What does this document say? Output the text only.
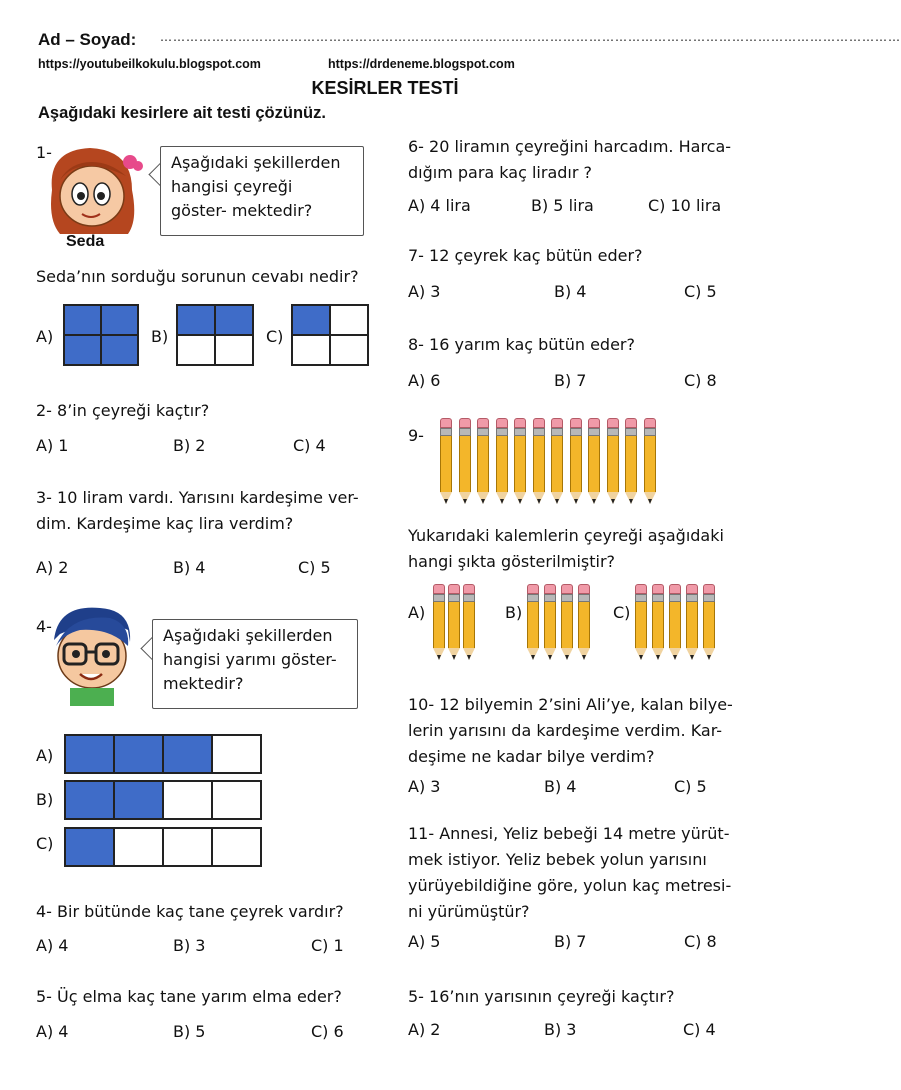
Ad – Soyad: ………………………………………………………………………………………………………………………………………………………
https://youtubeilkokulu.blogspot.com	https://drdeneme.blogspot.com
KESİRLER TESTİ
Aşağıdaki kesirlere ait testi çözünüz.
1-
Seda
Aşağıdaki şekillerden hangisi çeyreği göster- mektedir?
Seda’nın sorduğu sorunun cevabı nedir?
A)	B)	C)
2- 8’in çeyreği kaçtır?
A) 1	B) 2	C) 4
3- 10 liram vardı. Yarısını kardeşime ver- dim. Kardeşime kaç lira verdim?
A) 2	B) 4	C) 5
4-	Aşağıdaki şekillerden hangisi yarımı göster- mektedir?
A)
B)
C)
4- Bir bütünde kaç tane çeyrek vardır?
A) 4	B) 3	C) 1
5- Üç elma kaç tane yarım elma eder?
A) 4	B) 5	C) 6
6- 20 liramın çeyreğini harcadım. Harca- dığım para kaç liradır ?
A) 4 lira	B) 5 lira	C) 10 lira
7- 12 çeyrek kaç bütün eder?
A) 3	B) 4	C) 5
8- 16 yarım kaç bütün eder?
A) 6	B) 7	C) 8
9-
Yukarıdaki kalemlerin çeyreği aşağıdaki hangi şıkta gösterilmiştir?
A)	B)	C)
10- 12 bilyemin 2’sini Ali’ye, kalan bilye- lerin yarısını da kardeşime verdim. Kar- deşime ne kadar bilye verdim?
A) 3	B) 4	C) 5
11- Annesi, Yeliz bebeği 14 metre yürüt- mek istiyor. Yeliz bebek yolun yarısını yürüyebildiğine göre, yolun kaç metresi- ni yürümüştür?
A) 5	B) 7	C) 8
5- 16’nın yarısının çeyreği kaçtır?
A) 2	B) 3	C) 4
